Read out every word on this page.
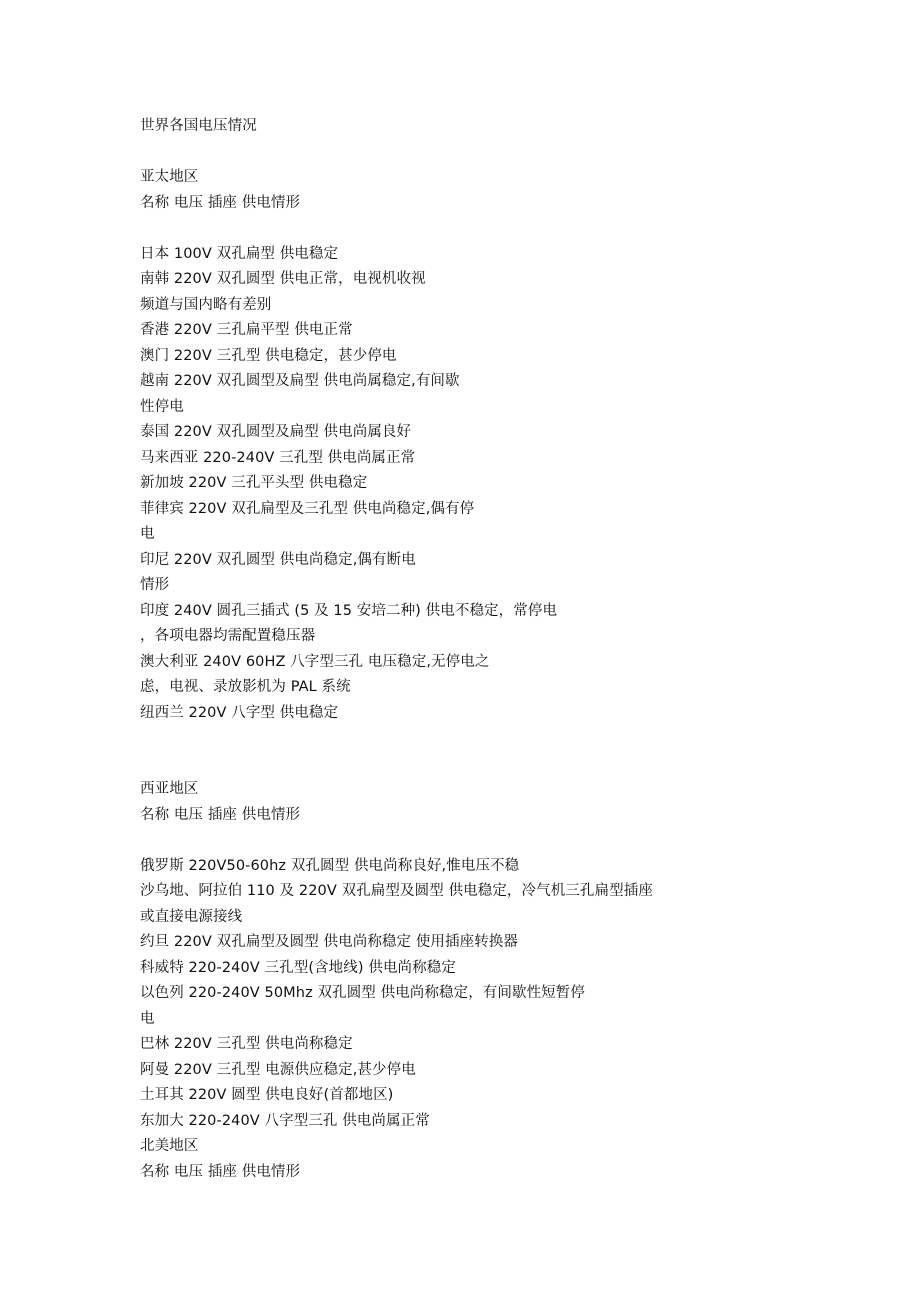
世界各国电压情况
亚太地区
名称 电压 插座 供电情形
日本 100V 双孔扁型 供电稳定
南韩 220V 双孔圆型 供电正常，电视机收视
频道与国内略有差别
香港 220V 三孔扁平型 供电正常
澳门 220V 三孔型 供电稳定，甚少停电
越南 220V 双孔圆型及扁型 供电尚属稳定,有间歇
性停电
泰国 220V 双孔圆型及扁型 供电尚属良好
马来西亚 220-240V 三孔型 供电尚属正常
新加坡 220V 三孔平头型 供电稳定
菲律宾 220V 双孔扁型及三孔型 供电尚稳定,偶有停
电
印尼 220V 双孔圆型 供电尚稳定,偶有断电
情形
印度 240V 圆孔三插式 (5 及 15 安培二种) 供电不稳定，常停电
，各项电器均需配置稳压器
澳大利亚 240V 60HZ 八字型三孔 电压稳定,无停电之
虑，电视、录放影机为 PAL 系统
纽西兰 220V 八字型 供电稳定
西亚地区
名称 电压 插座 供电情形
俄罗斯 220V50-60hz 双孔圆型 供电尚称良好,惟电压不稳
沙乌地、阿拉伯 110 及 220V 双孔扁型及圆型 供电稳定，冷气机三孔扁型插座
或直接电源接线
约旦 220V 双孔扁型及圆型 供电尚称稳定 使用插座转换器
科威特 220-240V 三孔型(含地线) 供电尚称稳定
以色列 220-240V 50Mhz 双孔圆型 供电尚称稳定，有间歇性短暂停
电
巴林 220V 三孔型 供电尚称稳定
阿曼 220V 三孔型 电源供应稳定,甚少停电
土耳其 220V 圆型 供电良好(首都地区)
东加大 220-240V 八字型三孔 供电尚属正常
北美地区
名称 电压 插座 供电情形
